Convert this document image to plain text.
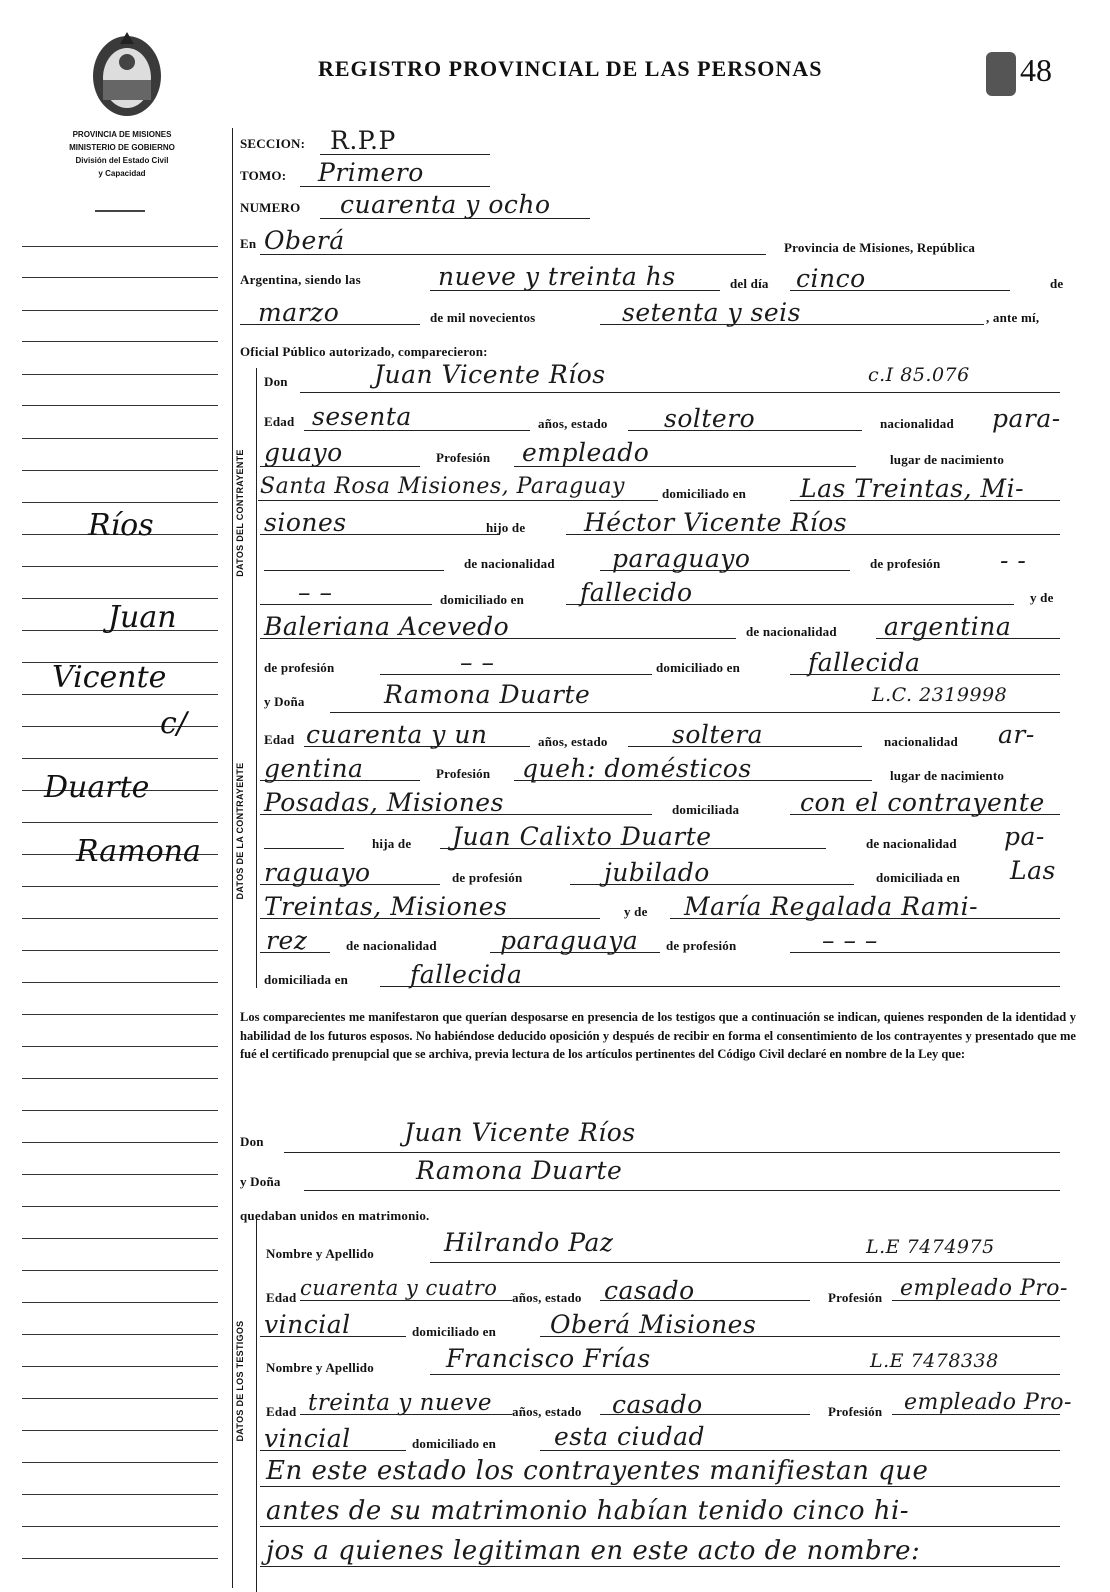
PROVINCIA DE MISIONES
MINISTERIO DE GOBIERNO
División del Estado Civil
y Capacidad
REGISTRO PROVINCIAL DE LAS PERSONAS	48
Ríos
Juan
Vicente
c/
Duarte
Ramona
DATOS DEL CONTRAYENTE
DATOS DE LA CONTRAYENTE
DATOS DE LOS TESTIGOS
SECCION: R.P.P
TOMO: Primero
NUMERO cuarenta y ocho
En Oberá	Provincia de Misiones, República
Argentina, siendo las	nueve y treinta hs	del día cinco	de
marzo	de mil novecientos	setenta y seis	, ante mí,
Oficial Público autorizado, comparecieron:
Don	Juan Vicente Ríos	c.I 85.076
Edad sesenta	años, estado soltero	nacionalidad para-
guayo	Profesión empleado	lugar de nacimiento
Santa Rosa Misiones, Paraguay	domiciliado en Las Treintas, Mi-
siones	hijo de Héctor Vicente Ríos
de nacionalidad paraguayo	de profesión - -
– –	domiciliado en fallecido	y de
Baleriana Acevedo	de nacionalidad argentina
de profesión	– –	domiciliado en	fallecida
y Doña	Ramona Duarte	L.C. 2319998
Edad cuarenta y un	años, estado	soltera	nacionalidad ar-
gentina	Profesión queh: domésticos	lugar de nacimiento
Posadas, Misiones	domiciliada con el contrayente
hija de Juan Calixto Duarte	de nacionalidad pa-
raguayo	de profesión	jubilado	domiciliada en Las
Treintas, Misiones	y de María Regalada Rami-
rez	de nacionalidad	paraguaya de profesión	– – –
domiciliada en fallecida
Los comparecientes me manifestaron que querían desposarse en presencia de los testigos que a continuación se indican, quienes responden de la identidad y habilidad de los futuros esposos. No habiéndose deducido oposición y después de recibir en forma el consentimiento de los contrayentes y presentado que me fué el certificado prenupcial que se archiva, previa lectura de los artículos pertinentes del Código Civil declaré en nombre de la Ley que:
Don	Juan Vicente Ríos
y Doña	Ramona Duarte
quedaban unidos en matrimonio.
Nombre y Apellido	Hilrando Paz	L.E 7474975
Edad cuarenta y cuatro años, estado casado	Profesión empleado Pro-
vincial	domiciliado en Oberá Misiones
Nombre y Apellido	Francisco Frías	L.E 7478338
Edad treinta y nueve años, estado casado	Profesión empleado Pro-
vincial	domiciliado en esta ciudad
En este estado los contrayentes manifiestan que
antes de su matrimonio habían tenido cinco hi-
jos a quienes legitiman en este acto de nombre:
